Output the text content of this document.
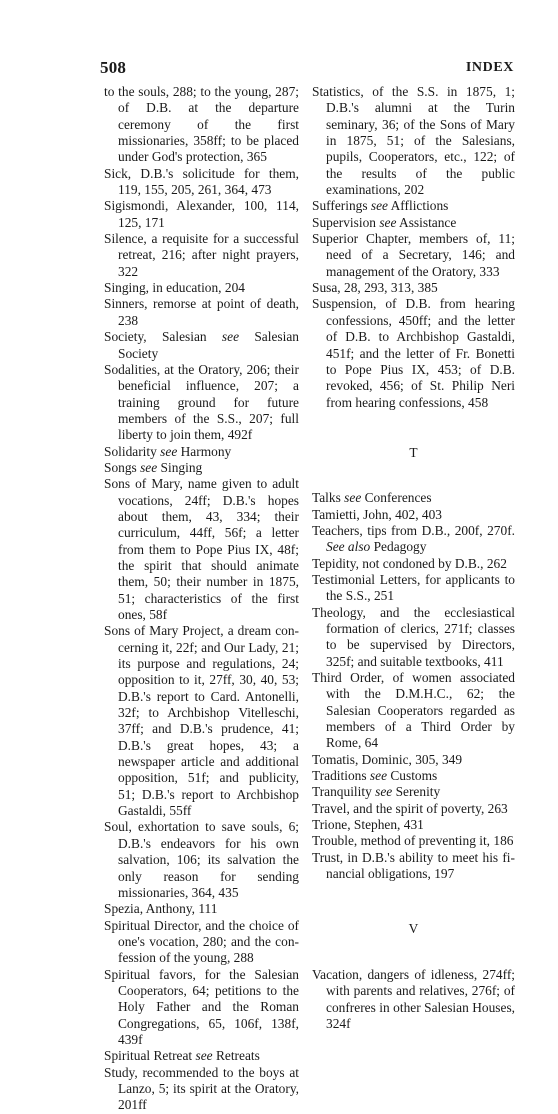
508	INDEX
to the souls, 288; to the young, 287; of D.B. at the departure ceremony of the first missionaries, 358ff; to be placed under God's protection, 365
Sick, D.B.'s solicitude for them, 119, 155, 205, 261, 364, 473
Sigismondi, Alexander, 100, 114, 125, 171
Silence, a requisite for a successful retreat, 216; after night prayers, 322
Singing, in education, 204
Sinners, remorse at point of death, 238
Society, Salesian see Salesian Society
Sodalities, at the Oratory, 206; their beneficial influence, 207; a training ground for future members of the S.S., 207; full liberty to join them, 492f
Solidarity see Harmony
Songs see Singing
Sons of Mary, name given to adult vocations, 24ff; D.B.'s hopes about them, 43, 334; their curriculum, 44ff, 56f; a letter from them to Pope Pius IX, 48f; the spirit that should animate them, 50; their number in 1875, 51; characteristics of the first ones, 58f
Sons of Mary Project, a dream concerning it, 22f; and Our Lady, 21; its purpose and regulations, 24; opposition to it, 27ff, 30, 40, 53; D.B.'s report to Card. Antonelli, 32f; to Archbishop Vitelleschi, 37ff; and D.B.'s prudence, 41; D.B.'s great hopes, 43; a newspaper article and additional opposition, 51f; and publicity, 51; D.B.'s report to Archbishop Gastaldi, 55ff
Soul, exhortation to save souls, 6; D.B.'s endeavors for his own salvation, 106; its salvation the only reason for sending missionaries, 364, 435
Spezia, Anthony, 111
Spiritual Director, and the choice of one's vocation, 280; and the confession of the young, 288
Spiritual favors, for the Salesian Cooperators, 64; petitions to the Holy Father and the Roman Congregations, 65, 106f, 138f, 439f
Spiritual Retreat see Retreats
Study, recommended to the boys at Lanzo, 5; its spirit at the Oratory, 201ff
Statistics, of the S.S. in 1875, 1; D.B.'s alumni at the Turin seminary, 36; of the Sons of Mary in 1875, 51; of the Salesians, pupils, Cooperators, etc., 122; of the results of the public examinations, 202
Sufferings see Afflictions
Supervision see Assistance
Superior Chapter, members of, 11; need of a Secretary, 146; and management of the Oratory, 333
Susa, 28, 293, 313, 385
Suspension, of D.B. from hearing confessions, 450ff; and the letter of D.B. to Archbishop Gastaldi, 451f; and the letter of Fr. Bonetti to Pope Pius IX, 453; of D.B. revoked, 456; of St. Philip Neri from hearing confessions, 458
T
Talks see Conferences
Tamietti, John, 402, 403
Teachers, tips from D.B., 200f, 270f. See also Pedagogy
Tepidity, not condoned by D.B., 262
Testimonial Letters, for applicants to the S.S., 251
Theology, and the ecclesiastical formation of clerics, 271f; classes to be supervised by Directors, 325f; and suitable textbooks, 411
Third Order, of women associated with the D.M.H.C., 62; the Salesian Cooperators regarded as members of a Third Order by Rome, 64
Tomatis, Dominic, 305, 349
Traditions see Customs
Tranquility see Serenity
Travel, and the spirit of poverty, 263
Trione, Stephen, 431
Trouble, method of preventing it, 186
Trust, in D.B.'s ability to meet his financial obligations, 197
V
Vacation, dangers of idleness, 274ff; with parents and relatives, 276f; of confreres in other Salesian Houses, 324f
